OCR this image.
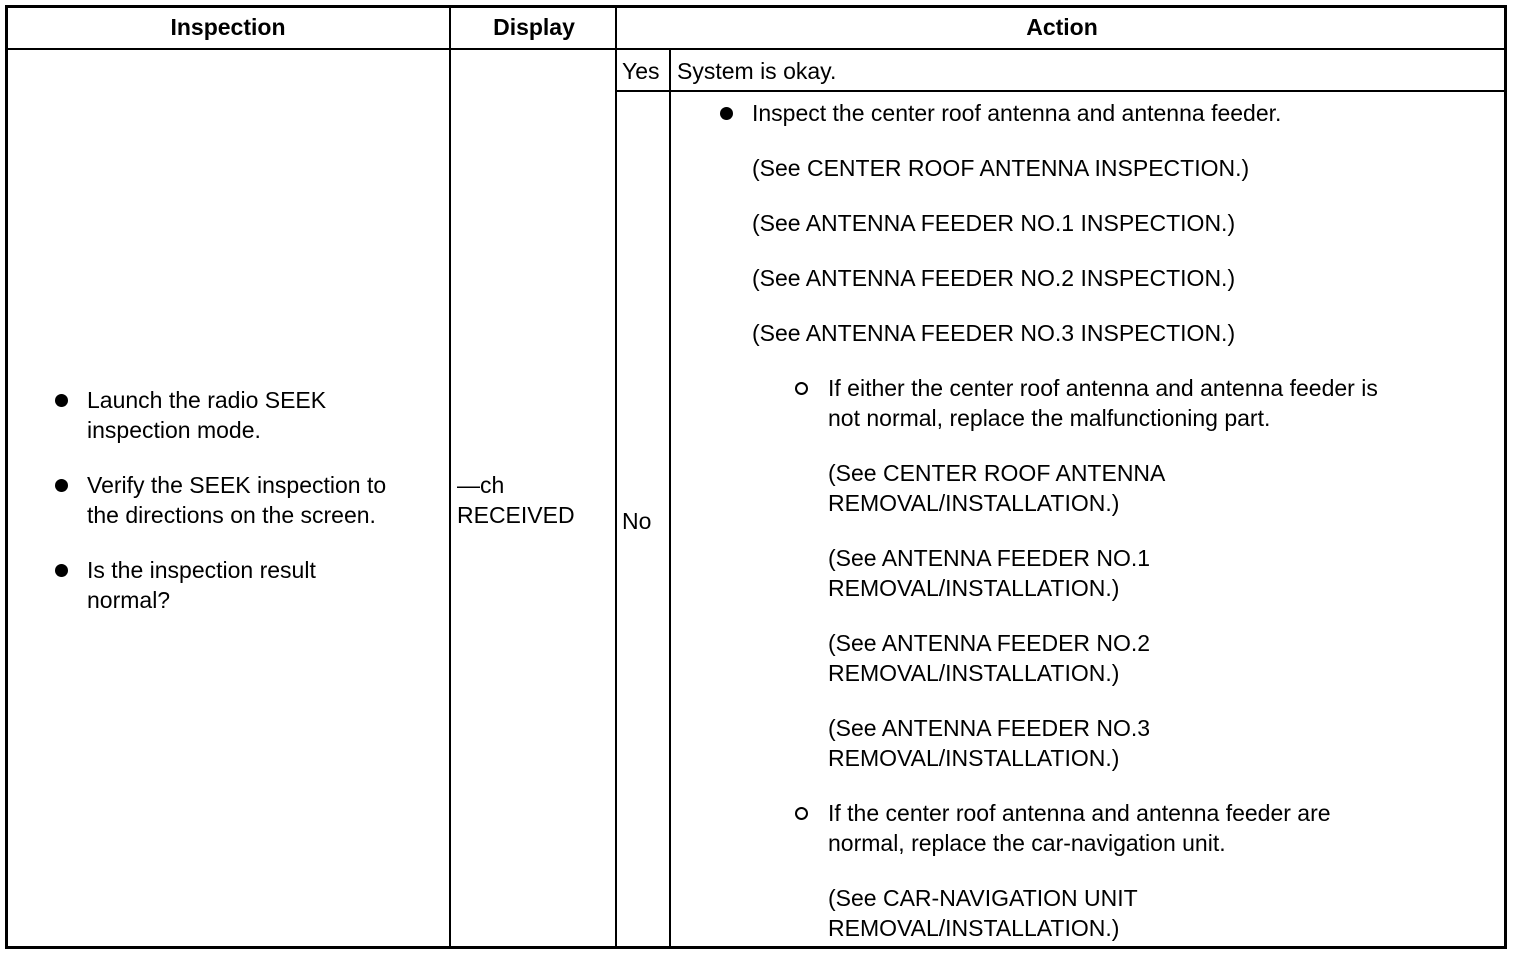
Inspection	Display	Action
Launch the radio SEEK
inspection mode.
Verify the SEEK inspection to
the directions on the screen.
Is the inspection result
normal?
—ch
RECEIVED
Yes System is okay.
No
Inspect the center roof antenna and antenna feeder.
(See CENTER ROOF ANTENNA INSPECTION.)
(See ANTENNA FEEDER NO.1 INSPECTION.)
(See ANTENNA FEEDER NO.2 INSPECTION.)
(See ANTENNA FEEDER NO.3 INSPECTION.)
If either the center roof antenna and antenna feeder is
not normal, replace the malfunctioning part.
(See CENTER ROOF ANTENNA
REMOVAL/INSTALLATION.)
(See ANTENNA FEEDER NO.1
REMOVAL/INSTALLATION.)
(See ANTENNA FEEDER NO.2
REMOVAL/INSTALLATION.)
(See ANTENNA FEEDER NO.3
REMOVAL/INSTALLATION.)
If the center roof antenna and antenna feeder are
normal, replace the car-navigation unit.
(See CAR-NAVIGATION UNIT
REMOVAL/INSTALLATION.)
